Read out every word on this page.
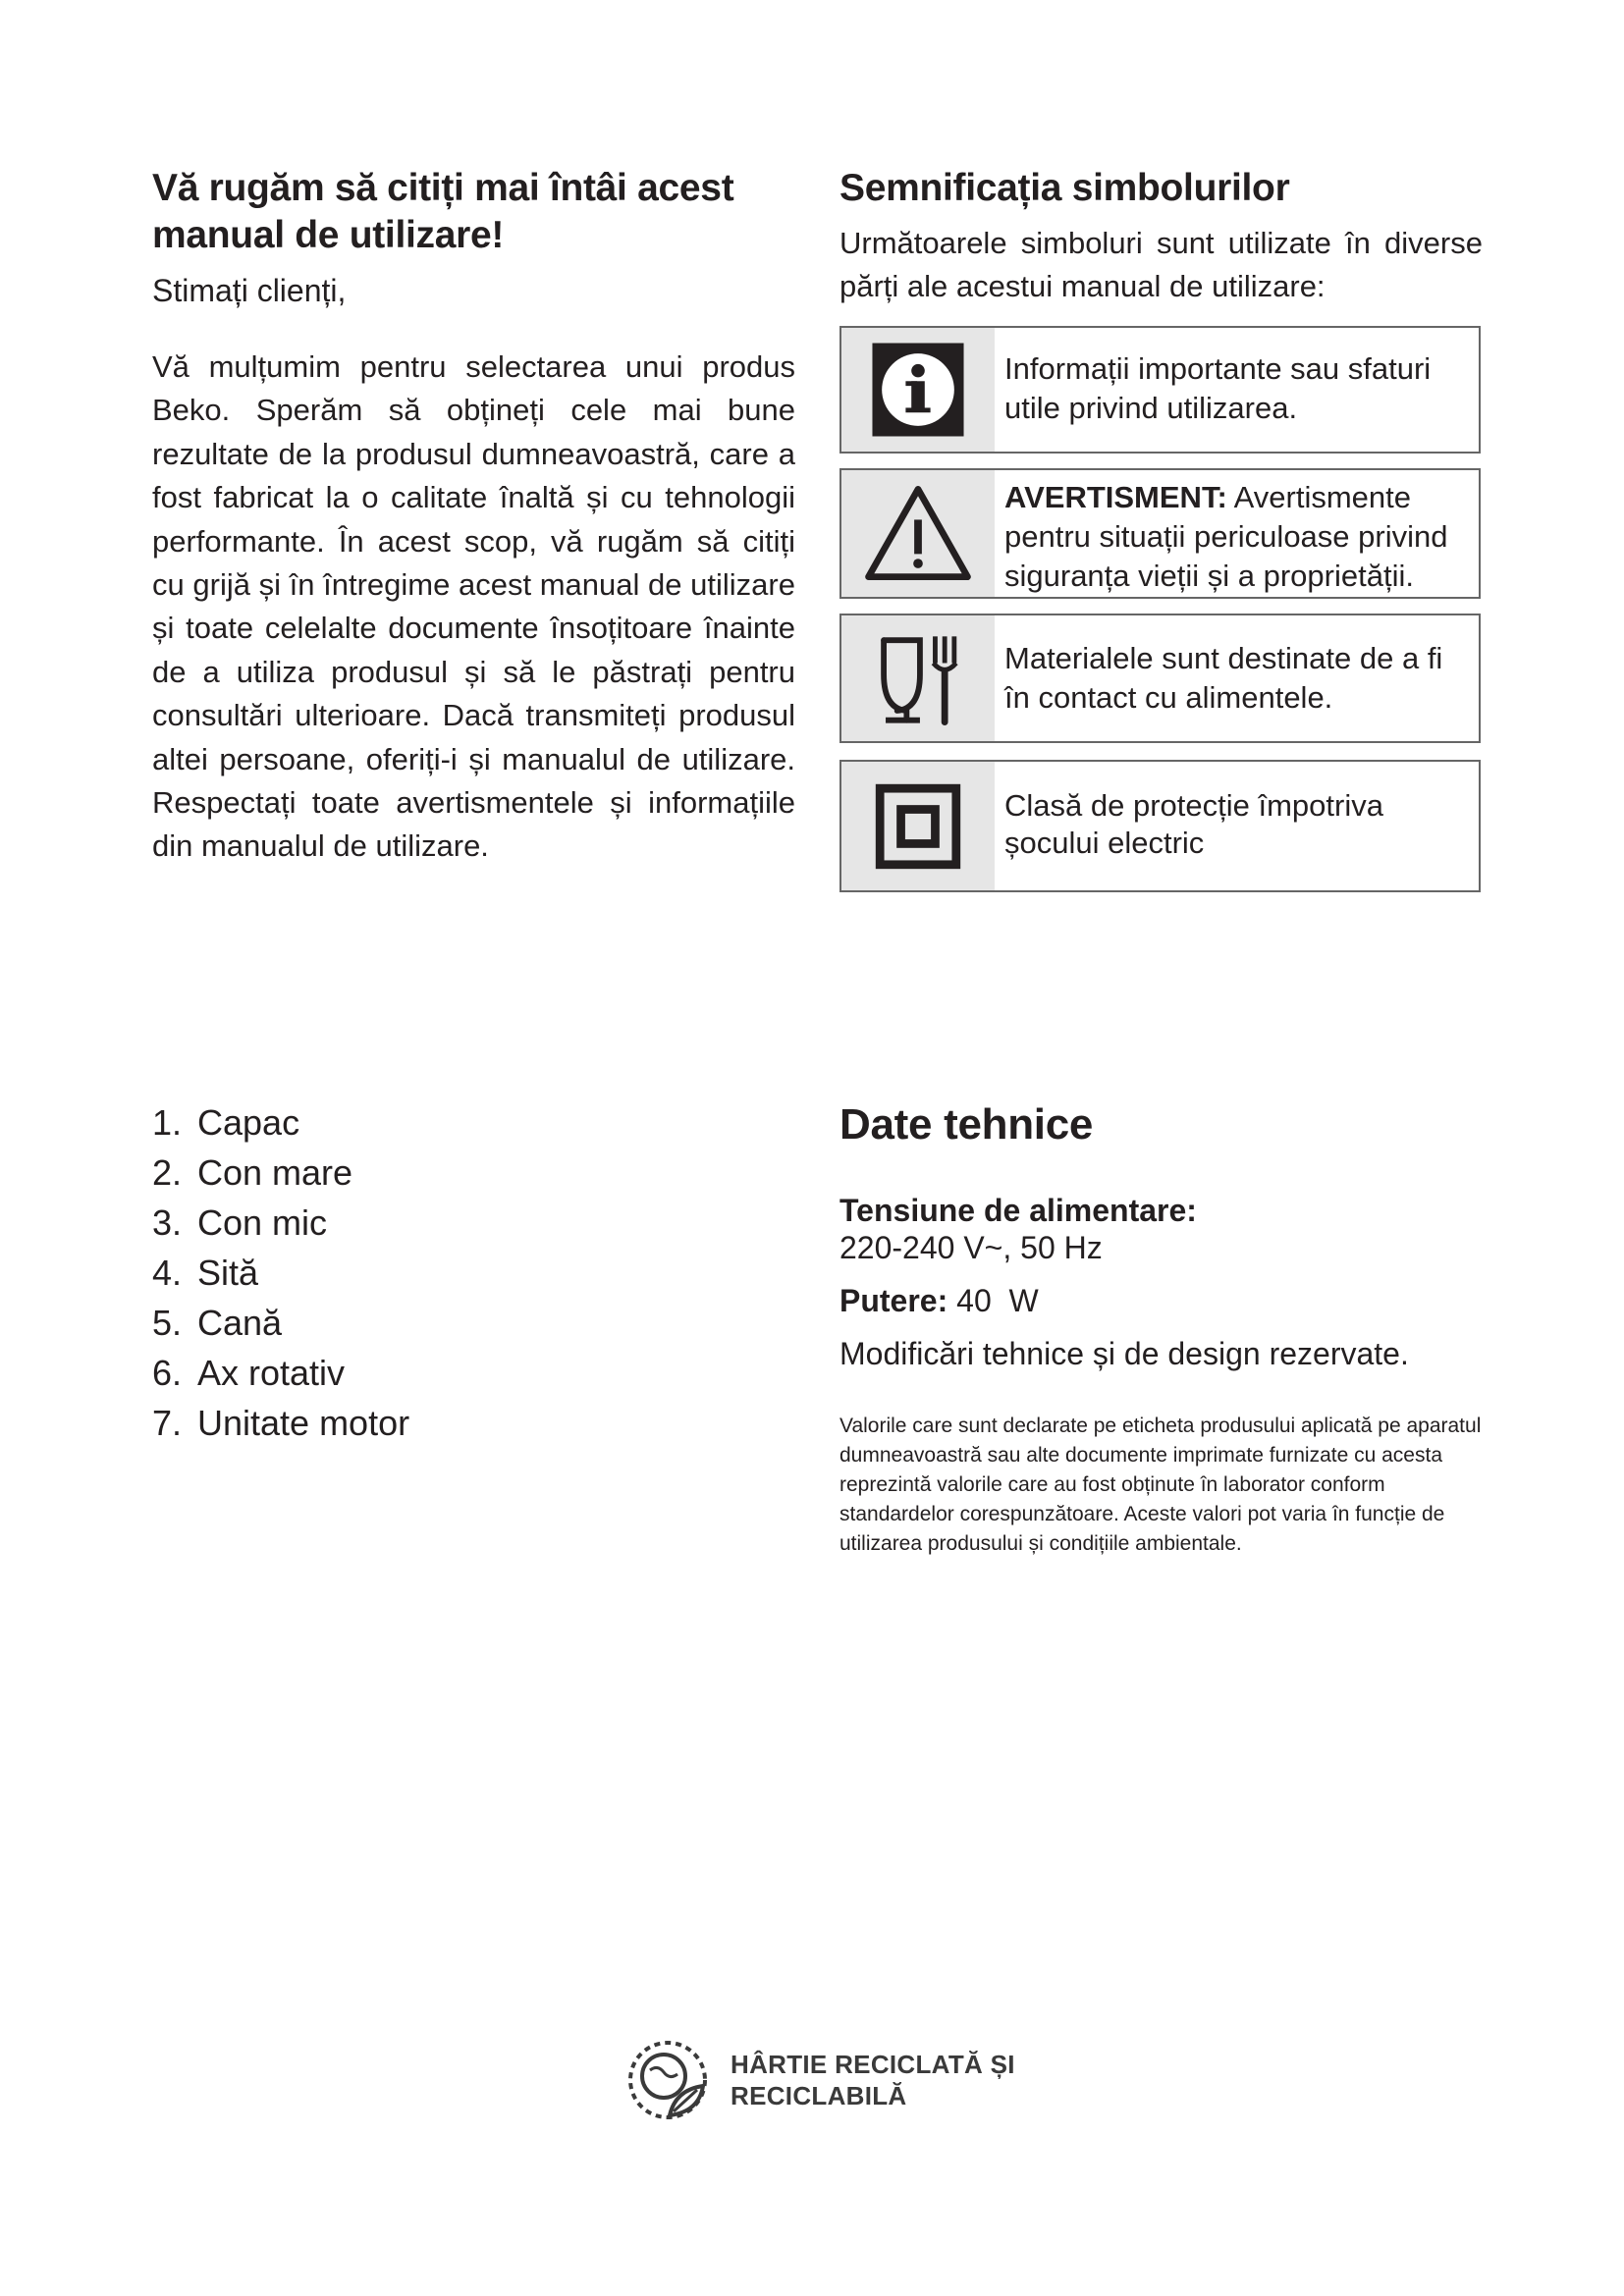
Vă rugăm să citiți mai întâi acest manual de utilizare!

Stimați clienți,

Vă mulțumim pentru selectarea unui produs Beko. Sperăm să obțineți cele mai bune rezultate de la produsul dumneavoastră, care a fost fabricat la o calitate înaltă și cu tehnologii performante. În acest scop, vă rugăm să citiți cu grijă și în întregime acest manual de utilizare și toate celelalte documente însoțitoare înainte de a utiliza produsul și să le păstrați pentru consultări ulterioare. Dacă transmiteți produsul altei persoane, oferiți-i și manualul de utilizare. Respectați toate avertismentele și informațiile din manualul de utilizare.

Semnificația simbolurilor

Următoarele simboluri sunt utilizate în diverse părți ale acestui manual de utilizare:

Informații importante sau sfaturi utile privind utilizarea.
AVERTISMENT: Avertismente pentru situații periculoase privind siguranța vieții și a proprietății.
Materialele sunt destinate de a fi în contact cu alimentele.
Clasă de protecție împotriva șocului electric
1. Capac
2. Con mare
3. Con mic
4. Sită
5. Cană
6. Ax rotativ
7. Unitate motor
Date tehnice
Tensiune de alimentare:
220-240 V~, 50 Hz
Putere: 40  W
Modificări tehnice și de design rezervate.
Valorile care sunt declarate pe eticheta produsului aplicată pe aparatul dumneavoastră sau alte documente imprimate furnizate cu acesta reprezintă valorile care au fost obținute în laborator conform standardelor corespunzătoare. Aceste valori pot varia în funcție de utilizarea produsului și condițiile ambientale.
HÂRTIE RECICLATĂ ȘI
RECICLABILĂ
